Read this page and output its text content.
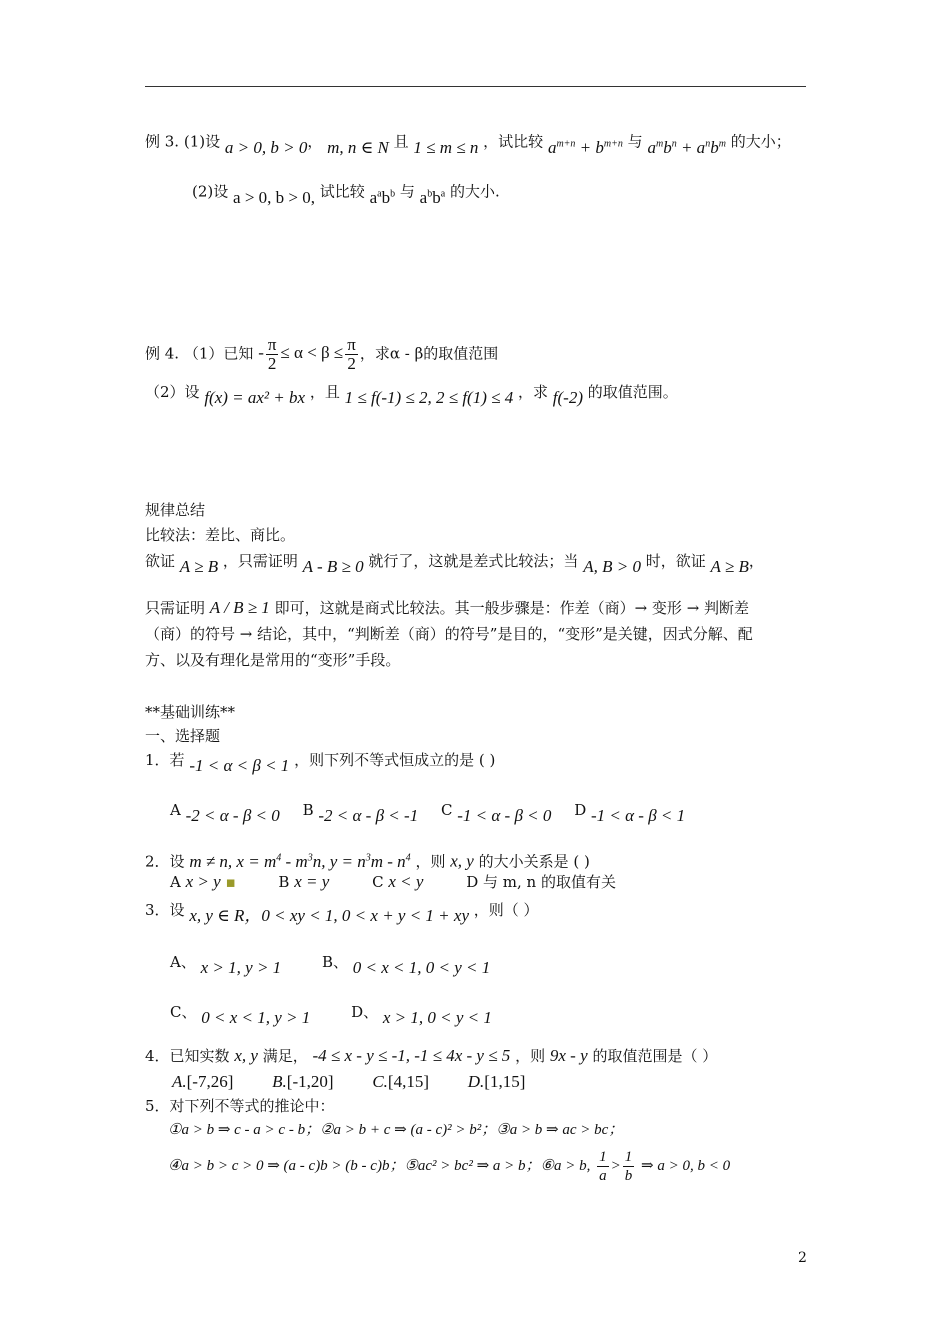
例 3. (1)设 a > 0, b > 0， m, n ∈ N 且 1 ≤ m ≤ n ，试比较 $a^{m+n} + b^{m+n}$ 与 $a^mb^n + a^nb^m$ 的大小；
(2)设 a > 0, b > 0, 试比较 $a^ab^b$ 与 $a^bb^a$ 的大小.
例 4. （1）已知 - $\frac{\pi}{2} \le \alpha < \beta \le \frac{\pi}{2}$ ，求α - β的取值范围
（2）设 f(x) = ax² + bx ，且 1 ≤ f(-1) ≤ 2, 2 ≤ f(1) ≤ 4 ，求 f(-2) 的取值范围。
规律总结
比较法：差比、商比。
欲证 A ≥ B ，只需证明 A - B ≥ 0 就行了，这就是差式比较法；当 A, B > 0 时，欲证 A ≥ B，
只需证明 A / B ≥ 1 即可，这就是商式比较法。其一般步骤是：作差（商）→ 变形 → 判断差
（商）的符号 → 结论，其中，“判断差（商）的符号”是目的，“变形”是关键，因式分解、配
方、以及有理化是常用的“变形”手段。
**基础训练**
一、选择题
1．若 -1 < α < β < 1 ，则下列不等式恒成立的是 ( )
A -2 < α - β < 0 B -2 < α - β < -1 C -1 < α - β < 0 D -1 < α - β < 1
2．设 m ≠ n, $x = m^4 - m^3n$, $y = n^3m - n^4$ ，则 x, y 的大小关系是 ( )
A x > y ▪	B x = y	C x < y	D 与 m, n 的取值有关
3．设 x, y ∈ R，0 < xy < 1, 0 < x + y < 1 + xy ，则（ ）
A、 x > 1, y > 1	B、 0 < x < 1, 0 < y < 1
C、 0 < x < 1, y > 1	D、 x > 1, 0 < y < 1
4．已知实数 x, y 满足， -4 ≤ x - y ≤ -1, -1 ≤ 4x - y ≤ 5 ，则 9x - y 的取值范围是（ ）
A.[-7,26] B.[-1,20] C.[4,15] D.[1,15]
5．对下列不等式的推论中：
①a > b ⇒ c - a > c - b；②a > b + c ⇒ (a - c)² > b²；③a > b ⇒ ac > bc；
④a > b > c > 0 ⇒ (a - c)b > (b - c)b；⑤ac² > bc² ⇒ a > b；⑥a > b, $\frac{1}{a} > \frac{1}{b}$ ⇒ a > 0, b < 0
2
